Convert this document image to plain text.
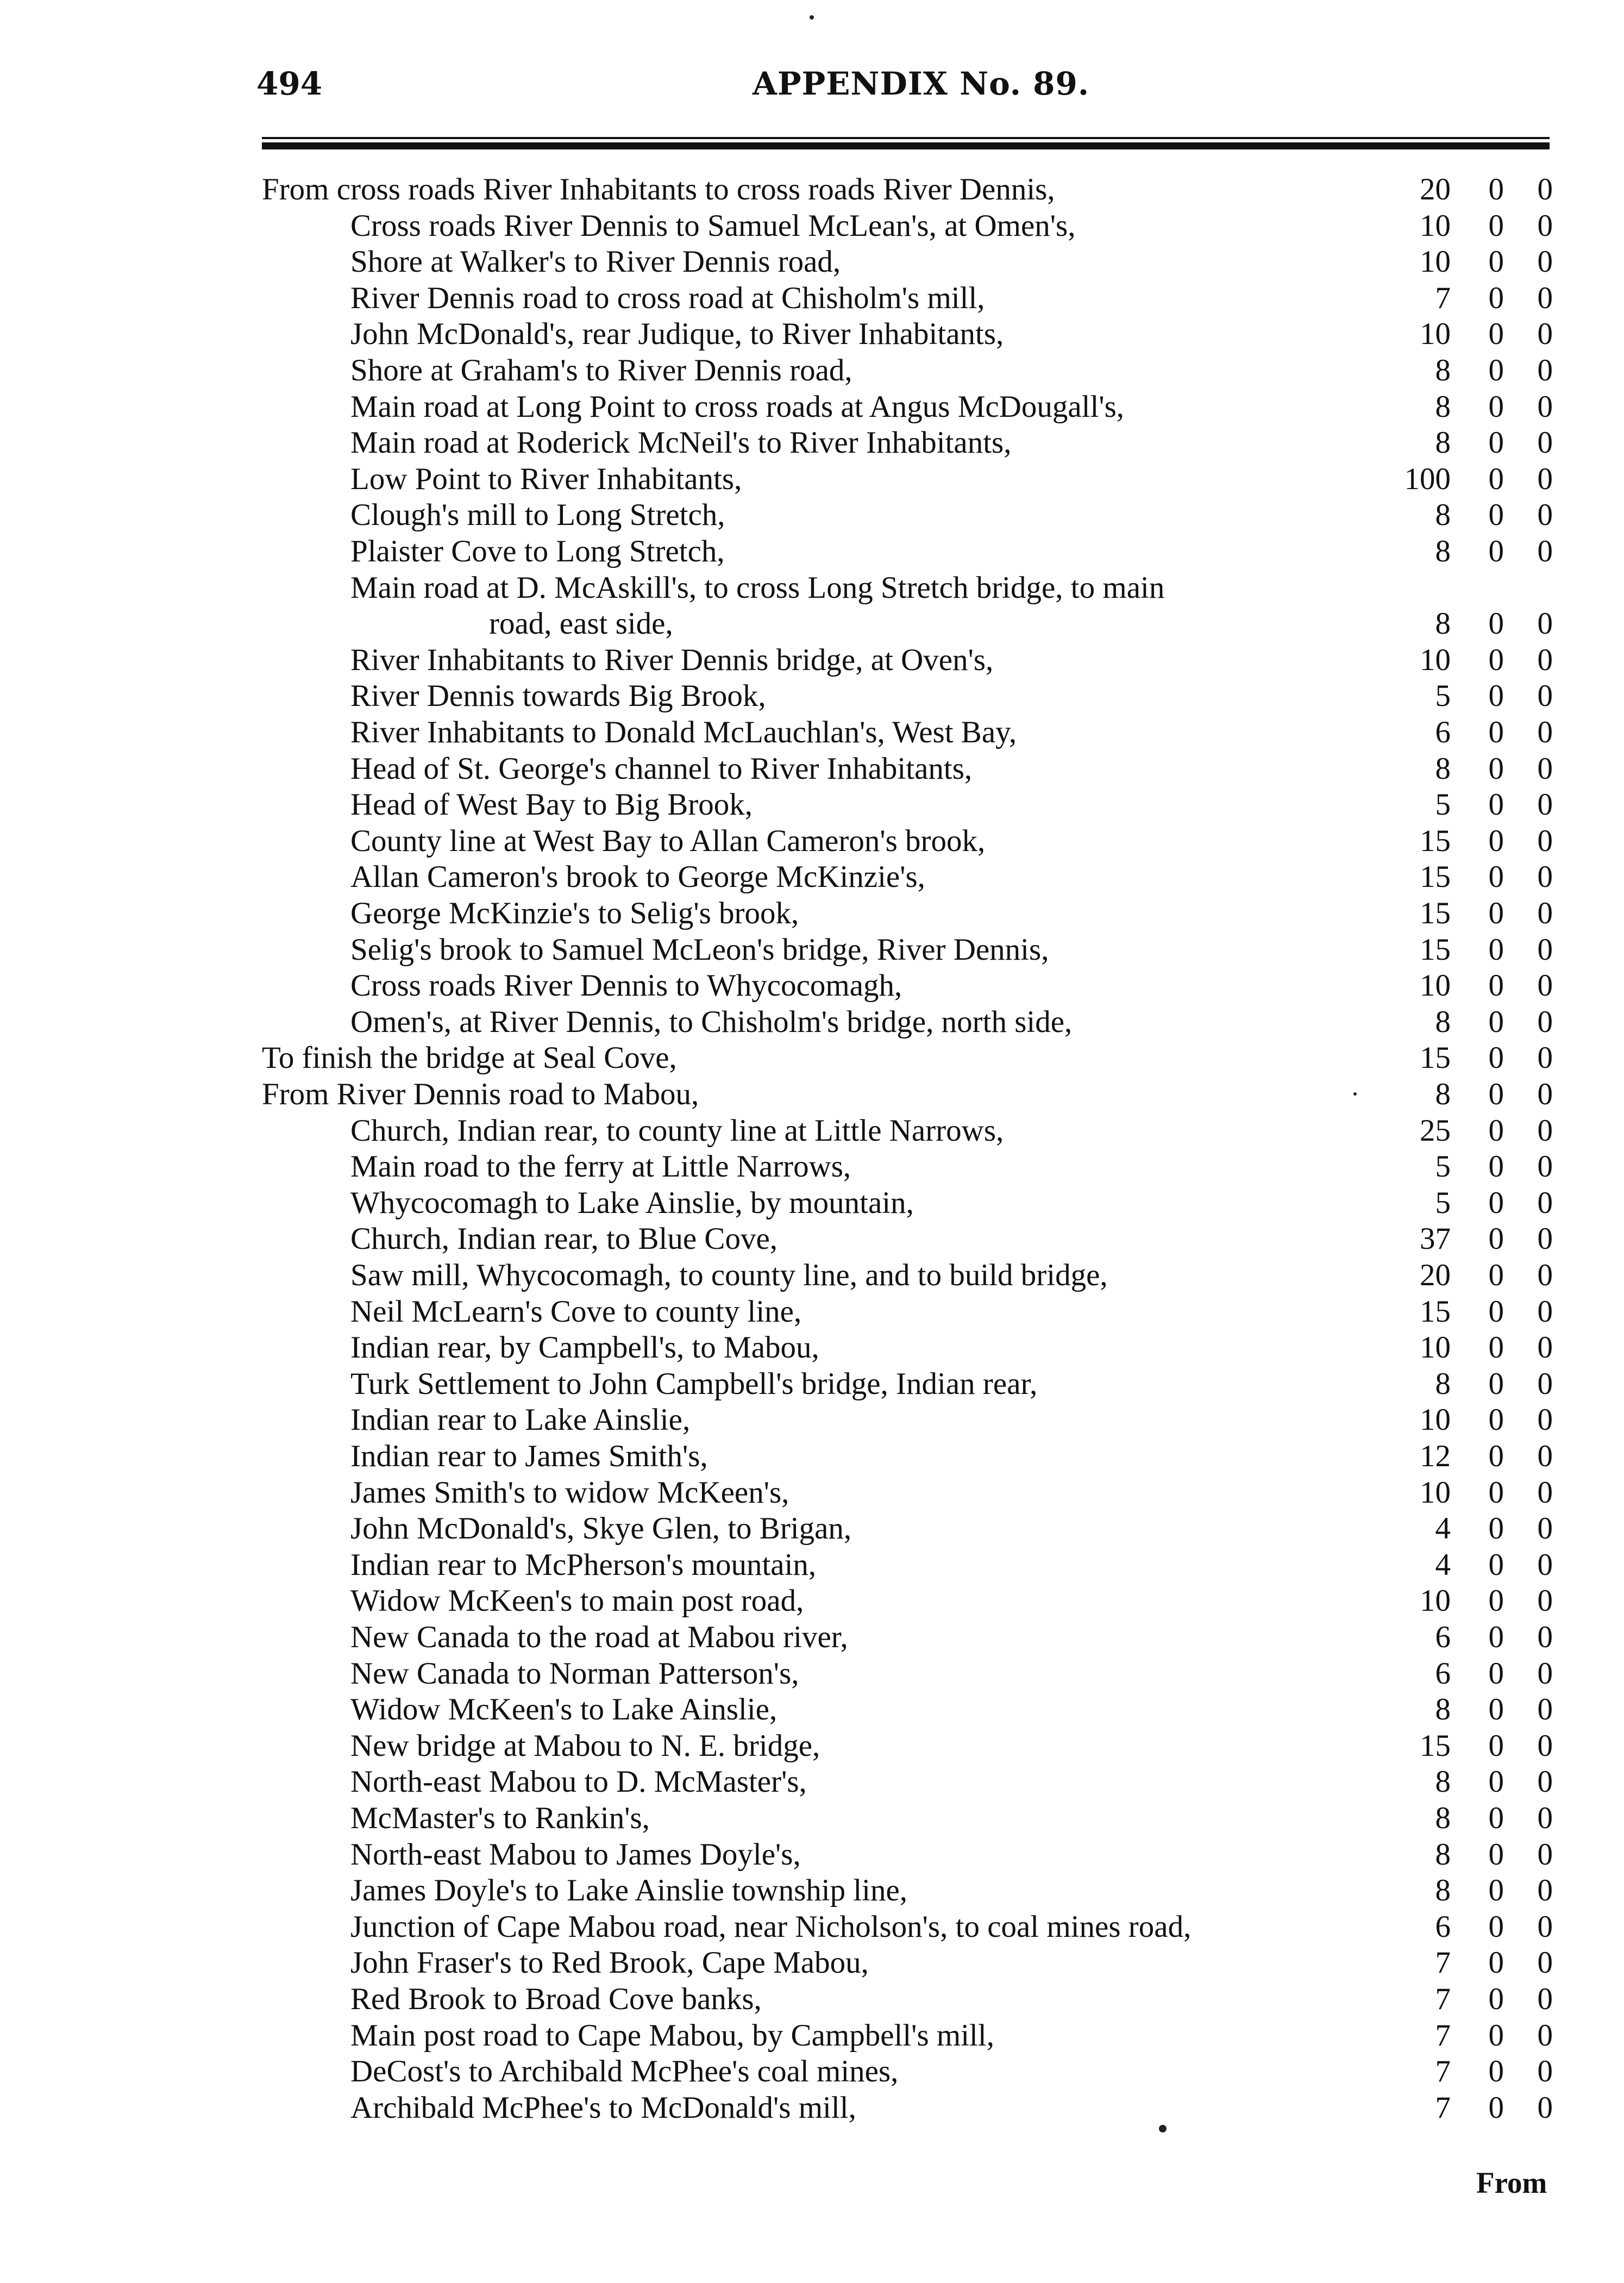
494	APPENDIX No. 89.
From cross roads River Inhabitants to cross roads River Dennis,	20	0	0
Cross roads River Dennis to Samuel McLean's, at Omen's,	10	0	0
Shore at Walker's to River Dennis road,	10	0	0
River Dennis road to cross road at Chisholm's mill,	7	0	0
John McDonald's, rear Judique, to River Inhabitants,	10	0	0
Shore at Graham's to River Dennis road,	8	0	0
Main road at Long Point to cross roads at Angus McDougall's,	8	0	0
Main road at Roderick McNeil's to River Inhabitants,	8	0	0
Low Point to River Inhabitants,	100	0	0
Clough's mill to Long Stretch,	8	0	0
Plaister Cove to Long Stretch,	8	0	0
Main road at D. McAskill's, to cross Long Stretch bridge, to main
road, east side,	8	0	0
River Inhabitants to River Dennis bridge, at Oven's,	10	0	0
River Dennis towards Big Brook,	5	0	0
River Inhabitants to Donald McLauchlan's, West Bay,	6	0	0
Head of St. George's channel to River Inhabitants,	8	0	0
Head of West Bay to Big Brook,	5	0	0
County line at West Bay to Allan Cameron's brook,	15	0	0
Allan Cameron's brook to George McKinzie's,	15	0	0
George McKinzie's to Selig's brook,	15	0	0
Selig's brook to Samuel McLeon's bridge, River Dennis,	15	0	0
Cross roads River Dennis to Whycocomagh,	10	0	0
Omen's, at River Dennis, to Chisholm's bridge, north side,	8	0	0
To finish the bridge at Seal Cove,	15	0	0
From River Dennis road to Mabou,	8	0	0
Church, Indian rear, to county line at Little Narrows,	25	0	0
Main road to the ferry at Little Narrows,	5	0	0
Whycocomagh to Lake Ainslie, by mountain,	5	0	0
Church, Indian rear, to Blue Cove,	37	0	0
Saw mill, Whycocomagh, to county line, and to build bridge,	20	0	0
Neil McLearn's Cove to county line,	15	0	0
Indian rear, by Campbell's, to Mabou,	10	0	0
Turk Settlement to John Campbell's bridge, Indian rear,	8	0	0
Indian rear to Lake Ainslie,	10	0	0
Indian rear to James Smith's,	12	0	0
James Smith's to widow McKeen's,	10	0	0
John McDonald's, Skye Glen, to Brigan,	4	0	0
Indian rear to McPherson's mountain,	4	0	0
Widow McKeen's to main post road,	10	0	0
New Canada to the road at Mabou river,	6	0	0
New Canada to Norman Patterson's,	6	0	0
Widow McKeen's to Lake Ainslie,	8	0	0
New bridge at Mabou to N. E. bridge,	15	0	0
North-east Mabou to D. McMaster's,	8	0	0
McMaster's to Rankin's,	8	0	0
North-east Mabou to James Doyle's,	8	0	0
James Doyle's to Lake Ainslie township line,	8	0	0
Junction of Cape Mabou road, near Nicholson's, to coal mines road,	6	0	0
John Fraser's to Red Brook, Cape Mabou,	7	0	0
Red Brook to Broad Cove banks,	7	0	0
Main post road to Cape Mabou, by Campbell's mill,	7	0	0
DeCost's to Archibald McPhee's coal mines,	7	0	0
Archibald McPhee's to McDonald's mill,	7	0	0
From
